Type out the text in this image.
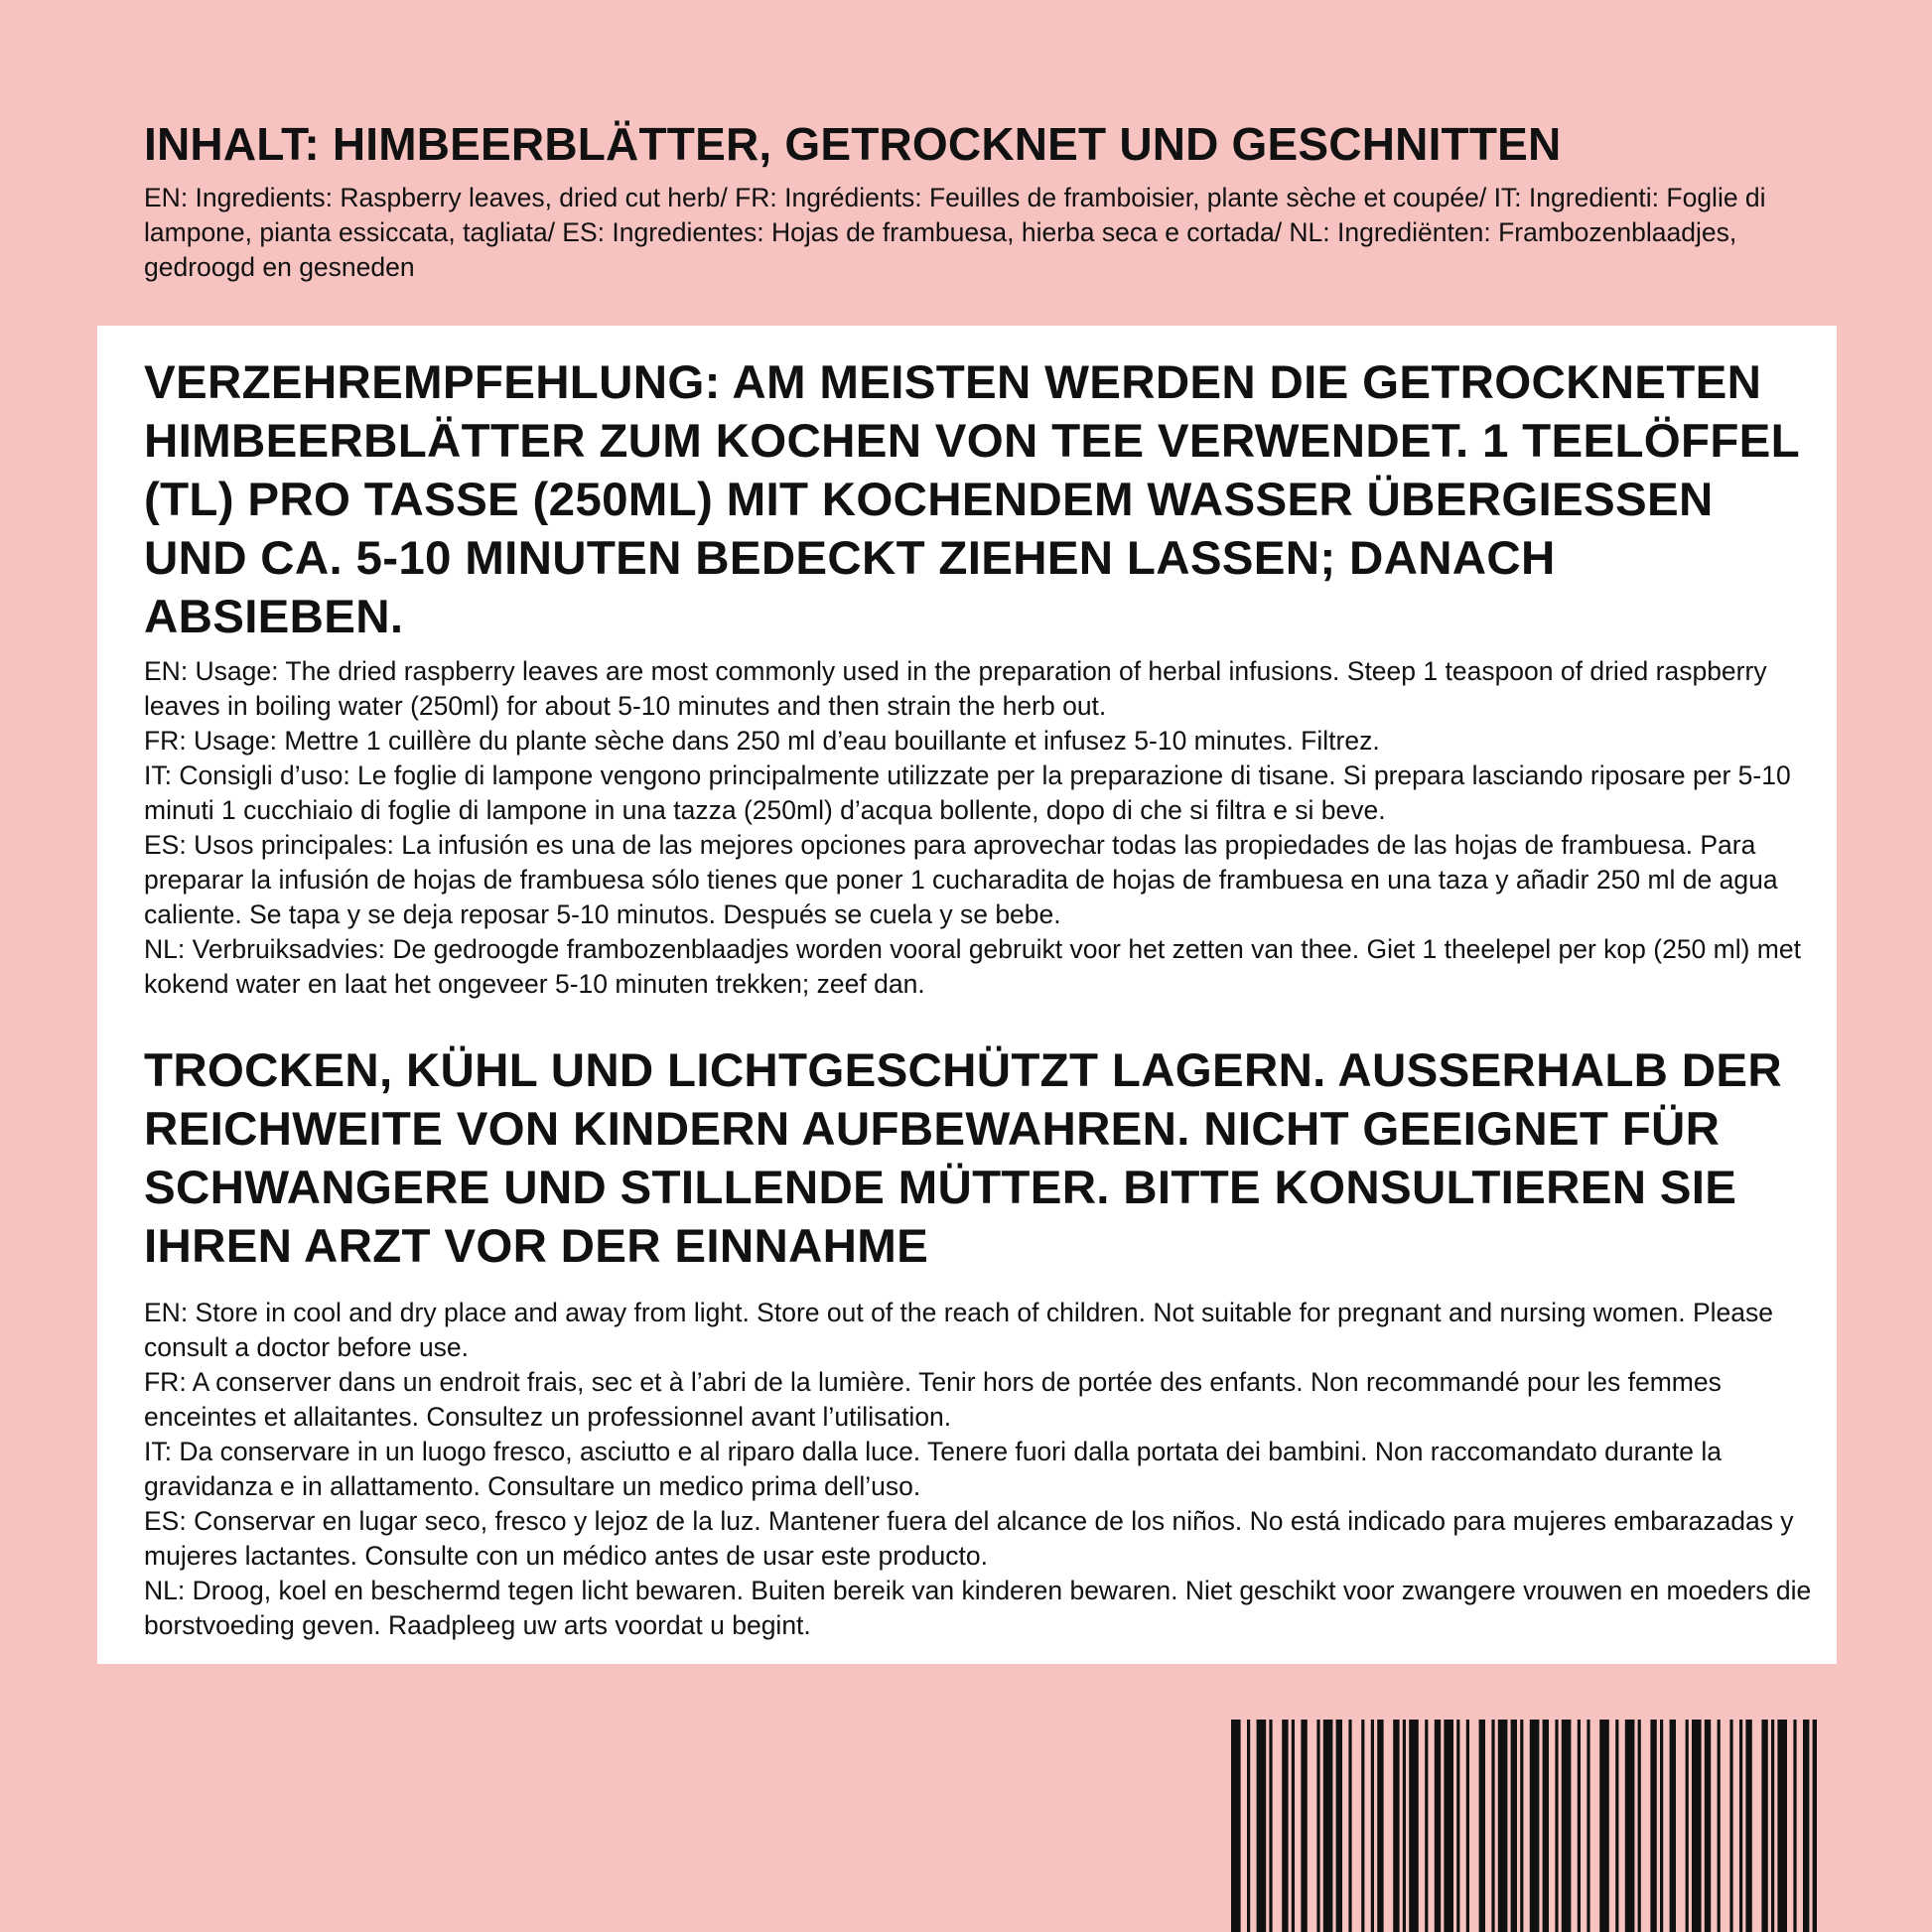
INHALT: HIMBEERBLÄTTER, GETROCKNET UND GESCHNITTEN

EN: Ingredients: Raspberry leaves, dried cut herb/ FR: Ingrédients: Feuilles de framboisier, plante sèche et coupée/ IT: Ingredienti: Foglie di lampone, pianta essiccata, tagliata/ ES: Ingredientes: Hojas de frambuesa, hierba seca e cortada/ NL: Ingrediënten: Frambozenblaadjes, gedroogd en gesneden

VERZEHREMPFEHLUNG: AM MEISTEN WERDEN DIE GETROCKNETEN HIMBEERBLÄTTER ZUM KOCHEN VON TEE VERWENDET. 1 TEELÖFFEL (TL) PRO TASSE (250ML) MIT KOCHENDEM WASSER ÜBERGIESSEN UND CA. 5-10 MINUTEN BEDECKT ZIEHEN LASSEN; DANACH ABSIEBEN.

EN: Usage: The dried raspberry leaves are most commonly used in the preparation of herbal infusions. Steep 1 teaspoon of dried raspberry leaves in boiling water (250ml) for about 5-10 minutes and then strain the herb out.

FR: Usage: Mettre 1 cuillère du plante sèche dans 250 ml d’eau bouillante et infusez 5-10 minutes. Filtrez.

IT: Consigli d’uso: Le foglie di lampone vengono principalmente utilizzate per la preparazione di tisane. Si prepara lasciando riposare per 5-10 minuti 1 cucchiaio di foglie di lampone in una tazza (250ml) d’acqua bollente, dopo di che si filtra e si beve.

ES: Usos principales: La infusión es una de las mejores opciones para aprovechar todas las propiedades de las hojas de frambuesa. Para preparar la infusión de hojas de frambuesa sólo tienes que poner 1 cucharadita de hojas de frambuesa en una taza y añadir 250 ml de agua caliente. Se tapa y se deja reposar 5-10 minutos. Después se cuela y se bebe.

NL: Verbruiksadvies: De gedroogde frambozenblaadjes worden vooral gebruikt voor het zetten van thee. Giet 1 theelepel per kop (250 ml) met kokend water en laat het ongeveer 5-10 minuten trekken; zeef dan.

TROCKEN, KÜHL UND LICHTGESCHÜTZT LAGERN. AUSSERHALB DER REICHWEITE VON KINDERN AUFBEWAHREN. NICHT GEEIGNET FÜR SCHWANGERE UND STILLENDE MÜTTER. BITTE KONSULTIEREN SIE IHREN ARZT VOR DER EINNAHME

EN: Store in cool and dry place and away from light. Store out of the reach of children. Not suitable for pregnant and nursing women. Please consult a doctor before use.

FR: A conserver dans un endroit frais, sec et à l’abri de la lumière. Tenir hors de portée des enfants. Non recommandé pour les femmes enceintes et allaitantes. Consultez un professionnel avant l’utilisation.

IT: Da conservare in un luogo fresco, asciutto e al riparo dalla luce. Tenere fuori dalla portata dei bambini. Non raccomandato durante la gravidanza e in allattamento. Consultare un medico prima dell’uso.

ES: Conservar en lugar seco, fresco y lejoz de la luz. Mantener fuera del alcance de los niños. No está indicado para mujeres embarazadas y mujeres lactantes. Consulte con un médico antes de usar este producto.

NL: Droog, koel en beschermd tegen licht bewaren. Buiten bereik van kinderen bewaren. Niet geschikt voor zwangere vrouwen en moeders die borstvoeding geven. Raadpleeg uw arts voordat u begint.
